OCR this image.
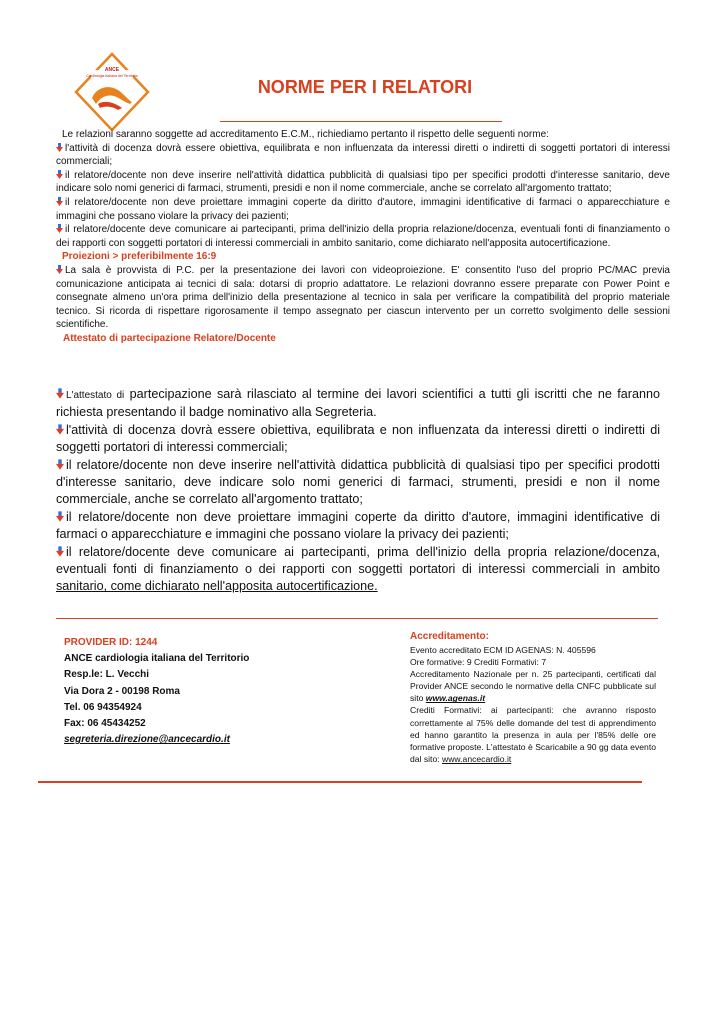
ANCE
Cardiologia Italiana del Territorio
NORME PER I RELATORI

Le relazioni saranno soggette ad accreditamento E.C.M., richiediamo pertanto il rispetto delle seguenti norme:

l'attività di docenza dovrà essere obiettiva, equilibrata e non influenzata da interessi diretti o indiretti di soggetti portatori di interessi commerciali;

il relatore/docente non deve inserire nell'attività didattica pubblicità di qualsiasi tipo per specifici prodotti d'interesse sanitario, deve indicare solo nomi generici di farmaci, strumenti, presidi e non il nome commerciale, anche se correlato all'argomento trattato;

il relatore/docente non deve proiettare immagini coperte da diritto d'autore, immagini identificative di farmaci o apparecchiature e immagini che possano violare la privacy dei pazienti;

il relatore/docente deve comunicare ai partecipanti, prima dell'inizio della propria relazione/docenza, eventuali fonti di finanziamento o dei rapporti con soggetti portatori di interessi commerciali in ambito sanitario, come dichiarato nell'apposita autocertificazione.

Proiezioni > preferibilmente 16:9

La sala è provvista di P.C. per la presentazione dei lavori con videoproiezione. E' consentito l'uso del proprio PC/MAC previa comunicazione anticipata ai tecnici di sala: dotarsi di proprio adattatore. Le relazioni dovranno essere preparate con Power Point e consegnate almeno un'ora prima dell'inizio della presentazione al tecnico in sala per verificare la compatibilità del proprio materiale tecnico. Si ricorda di rispettare rigorosamente il tempo assegnato per ciascun intervento per un corretto svolgimento delle sessioni scientifiche.

Attestato di partecipazione Relatore/Docente

L'attestato di partecipazione sarà rilasciato al termine dei lavori scientifici a tutti gli iscritti che ne faranno richiesta presentando il badge nominativo alla Segreteria.

l'attività di docenza dovrà essere obiettiva, equilibrata e non influenzata da interessi diretti o indiretti di soggetti portatori di interessi commerciali;

il relatore/docente non deve inserire nell'attività didattica pubblicità di qualsiasi tipo per specifici prodotti d'interesse sanitario, deve indicare solo nomi generici di farmaci, strumenti, presidi e non il nome commerciale, anche se correlato all'argomento trattato;

il relatore/docente non deve proiettare immagini coperte da diritto d'autore, immagini identificative di farmaci o apparecchiature e immagini che possano violare la privacy dei pazienti;

il relatore/docente deve comunicare ai partecipanti, prima dell'inizio della propria relazione/docenza, eventuali fonti di finanziamento o dei rapporti con soggetti portatori di interessi commerciali in ambito sanitario, come dichiarato nell'apposita autocertificazione.

PROVIDER ID: 1244
ANCE cardiologia italiana del Territorio
Resp.le: L. Vecchi
Via Dora 2 - 00198 Roma
Tel. 06 94354924
Fax: 06 45434252
segreteria.direzione@ancecardio.it

Accreditamento:

Evento accreditato ECM ID AGENAS: N. 405596

Ore formative: 9 Crediti Formativi: 7

Accreditamento Nazionale per n. 25 partecipanti, certificati dal Provider ANCE secondo le normative della CNFC pubblicate sul sito www.agenas.it

Crediti Formativi: ai partecipanti: che avranno risposto correttamente al 75% delle domande del test di apprendimento ed hanno garantito la presenza in aula per l'85% delle ore formative proposte. L'attestato è Scaricabile a 90 gg data evento dal sito: www.ancecardio.it
